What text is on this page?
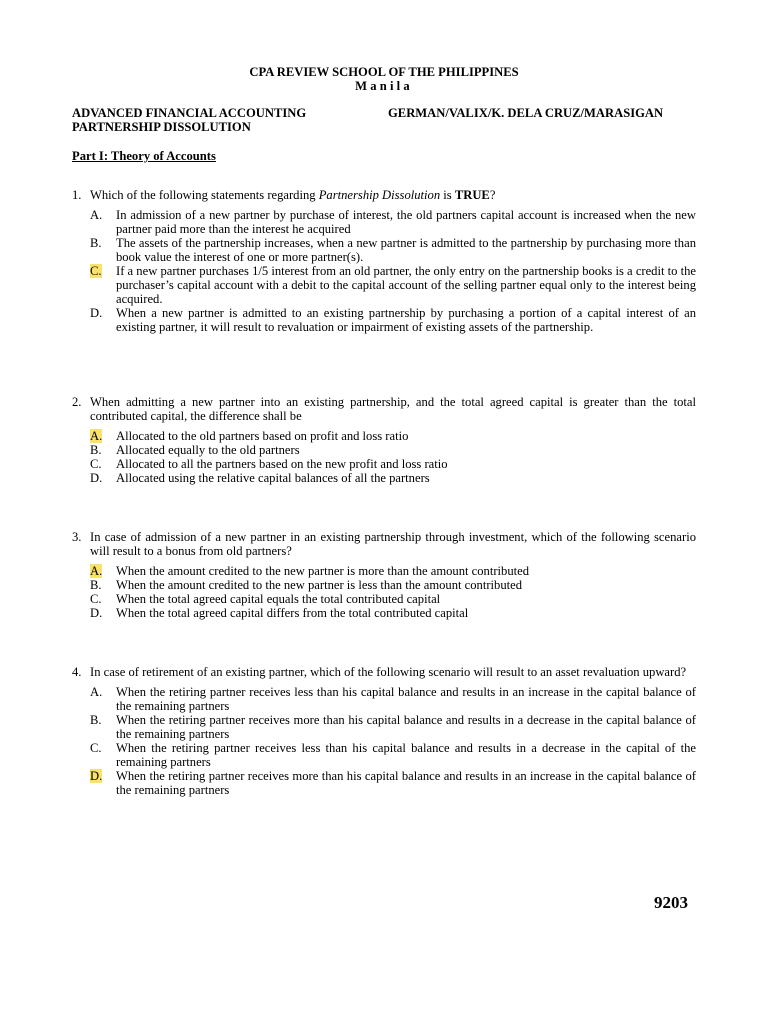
CPA REVIEW SCHOOL OF THE PHILIPPINES
Manila
ADVANCED FINANCIAL ACCOUNTING	GERMAN/VALIX/K. DELA CRUZ/MARASIGAN
PARTNERSHIP DISSOLUTION
Part I: Theory of Accounts
1. Which of the following statements regarding Partnership Dissolution is TRUE?
A.	In admission of a new partner by purchase of interest, the old partners capital account is increased when the new partner paid more than the interest he acquired
B.	The assets of the partnership increases, when a new partner is admitted to the partnership by purchasing more than book value the interest of one or more partner(s).
C.	If a new partner purchases 1/5 interest from an old partner, the only entry on the partnership books is a credit to the purchaser’s capital account with a debit to the capital account of the selling partner equal only to the interest being acquired.
D.	When a new partner is admitted to an existing partnership by purchasing a portion of a capital interest of an existing partner, it will result to revaluation or impairment of existing assets of the partnership.
2. When admitting a new partner into an existing partnership, and the total agreed capital is greater than the total contributed capital, the difference shall be
A.	Allocated to the old partners based on profit and loss ratio
B.	Allocated equally to the old partners
C.	Allocated to all the partners based on the new profit and loss ratio
D.	Allocated using the relative capital balances of all the partners
3. In case of admission of a new partner in an existing partnership through investment, which of the following scenario will result to a bonus from old partners?
A.	When the amount credited to the new partner is more than the amount contributed
B.	When the amount credited to the new partner is less than the amount contributed
C.	When the total agreed capital equals the total contributed capital
D.	When the total agreed capital differs from the total contributed capital
4. In case of retirement of an existing partner, which of the following scenario will result to an asset revaluation upward?
A.	When the retiring partner receives less than his capital balance and results in an increase in the capital balance of the remaining partners
B.	When the retiring partner receives more than his capital balance and results in a decrease in the capital balance of the remaining partners
C.	When the retiring partner receives less than his capital balance and results in a decrease in the capital of the remaining partners
D.	When the retiring partner receives more than his capital balance and results in an increase in the capital balance of the remaining partners
9203
